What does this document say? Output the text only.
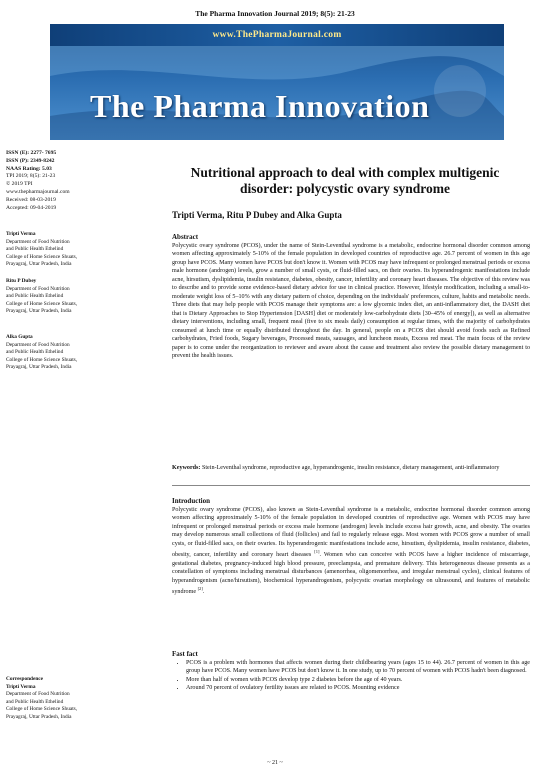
The Pharma Innovation Journal 2019; 8(5): 21-23
www.ThePharmaJournal.com
The Pharma Innovation
ISSN (E): 2277- 7695
ISSN (P): 2349-8242
NAAS Rating: 5.03
TPI 2019; 8(5): 21-23
© 2019 TPI
www.thepharmajournal.com
Received: 08-03-2019
Accepted: 09-04-2019
Tripti Verma
Department of Food Nutrition
and Public Health Ethelind
College of Home Science Shuats,
Prayagraj, Uttar Pradesh, India
Ritu P Dubey
Department of Food Nutrition
and Public Health Ethelind
College of Home Science Shuats,
Prayagraj, Uttar Pradesh, India
Alka Gupta
Department of Food Nutrition
and Public Health Ethelind
College of Home Science Shuats,
Prayagraj, Uttar Pradesh, India
Correspondence
Tripti Verma
Department of Food Nutrition
and Public Health Ethelind
College of Home Science Shuats,
Prayagraj, Uttar Pradesh, India
Nutritional approach to deal with complex multigenic
disorder: polycystic ovary syndrome
Tripti Verma, Ritu P Dubey and Alka Gupta
Abstract
Polycystic ovary syndrome (PCOS), under the name of Stein-Leventhal syndrome is a metabolic, endocrine hormonal disorder common among women affecting approximately 5-10% of the female population in developed countries of reproductive age. 26.7 percent of women in this age group have PCOS. Many women have PCOS but don't know it. Women with PCOS may have infrequent or prolonged menstrual periods or excess male hormone (androgen) levels, grow a number of small cysts, or fluid-filled sacs, on their ovaries. Its hyperandrogenic manifestations include acne, hirsutism, dyslipidemia, insulin resistance, diabetes, obesity, cancer, infertility and coronary heart diseases. The objective of this review was to describe and to provide some evidence-based dietary advice for use in clinical practice. However, lifestyle modification, including a small-to-moderate weight loss of 5–10% with any dietary pattern of choice, depending on the individuals' preferences, culture, habits and metabolic needs. Three diets that may help people with PCOS manage their symptoms are: a low glycemic index diet, an anti-inflammatory diet, the DASH diet that is Dietary Approaches to Stop Hypertension [DASH] diet or moderately low-carbohydrate diets [30–45% of energy]), as well as alternative dietary interventions, including small, frequent meal (five to six meals daily) consumption at regular times, with the majority of carbohydrates consumed at lunch time or equally distributed throughout the day. In general, people on a PCOS diet should avoid foods such as Refined carbohydrates, Fried foods, Sugary beverages, Processed meats, sausages, and luncheon meats, Excess red meat. The main focus of the review paper is to come under the reorganization to reviewer and aware about the cause and treatment also review the possible dietary management to prevent the health issues.
Keywords: Stein-Leventhal syndrome, reproductive age, hyperandrogenic, insulin resistance, dietary management, anti-inflammatory
Introduction
Polycystic ovary syndrome (PCOS), also known as Stein-Leventhal syndrome is a metabolic, endocrine hormonal disorder common among women affecting approximately 5-10% of the female population in developed countries of reproductive age. Women with PCOS may have infrequent or prolonged menstrual periods or excess male hormone (androgen) levels include excess hair growth, acne, and obesity. The ovaries may develop numerous small collections of fluid (follicles) and fail to regularly release eggs. Most women with PCOS grow a number of small cysts, or fluid-filled sacs, on their ovaries. Its hyperandrogenic manifestations include acne, hirsutism, dyslipidemia, insulin resistance, diabetes, obesity, cancer, infertility and coronary heart diseases [1]. Women who can conceive with PCOS have a higher incidence of miscarriage, gestational diabetes, pregnancy-induced high blood pressure, preeclampsia, and premature delivery. This heterogeneous disease presents as a constellation of symptoms including menstrual disturbances (amenorrhea, oligomenorrhea, and irregular menstrual cycles), clinical features of hyperandrogenism (acne/hirsutism), biochemical hyperandrogenism, polycystic ovarian morphology on ultrasound, and features of metabolic syndrome [2].
Fast fact
• PCOS is a problem with hormones that affects women during their childbearing years (ages 15 to 44). 26.7 percent of women in this age group have PCOS. Many women have PCOS but don't know it. In one study, up to 70 percent of women with PCOS hadn't been diagnosed.
• More than half of women with PCOS develop type 2 diabetes before the age of 40 years.
• Around 70 percent of ovulatory fertility issues are related to PCOS. Mounting evidence
~ 21 ~
